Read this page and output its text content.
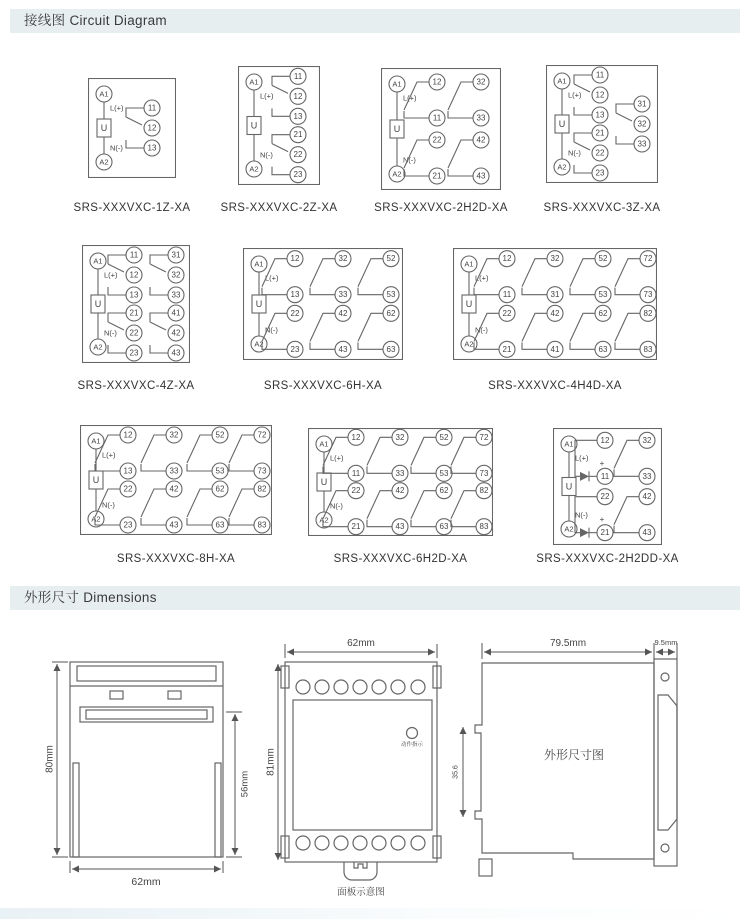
接线图 Circuit Diagram
外形尺寸 Dimensions
A1
U
A2
L(+)
N(-)
11
12
13
SRS-XXXVXC-1Z-XA
A1
U
A2
L(+)
N(-)
11
12
13
21
22
23
SRS-XXXVXC-2Z-XA
A1
U
A2
L(+)
N(-)
12
11
22
21
32
33
42
43
SRS-XXXVXC-2H2D-XA
A1
U
A2
L(+)
N(-)
11
12
13
21
22
23
31
32
33
SRS-XXXVXC-3Z-XA
A1
U
A2
L(+)
N(-)
11
12
13
21
22
23
31
32
33
41
42
43
SRS-XXXVXC-4Z-XA
A1
U
A2
L(+)
N(-)
12
13
22
23
32
33
42
43
52
53
62
63
SRS-XXXVXC-6H-XA
A1
U
A2
L(+)
N(-)
12
11
22
21
32
31
42
41
52
53
62
63
72
73
82
83
SRS-XXXVXC-4H4D-XA
A1
U
A2
L(+)
N(-)
12
13
22
23
32
33
42
43
52
53
62
63
72
73
82
83
SRS-XXXVXC-8H-XA
A1
U
A2
L(+)
N(-)
12
11
22
21
32
33
42
43
52
53
62
63
72
73
82
83
SRS-XXXVXC-6H2D-XA
A1
U
A2
L(+)
N(-)
+
12
11
+
22
21
32
33
42
43
SRS-XXXVXC-2H2DD-XA
80mm
56mm
62mm
62mm
81mm
动作指示
面板示意图
79.5mm	9.5mm
35.6
外形尺寸图
